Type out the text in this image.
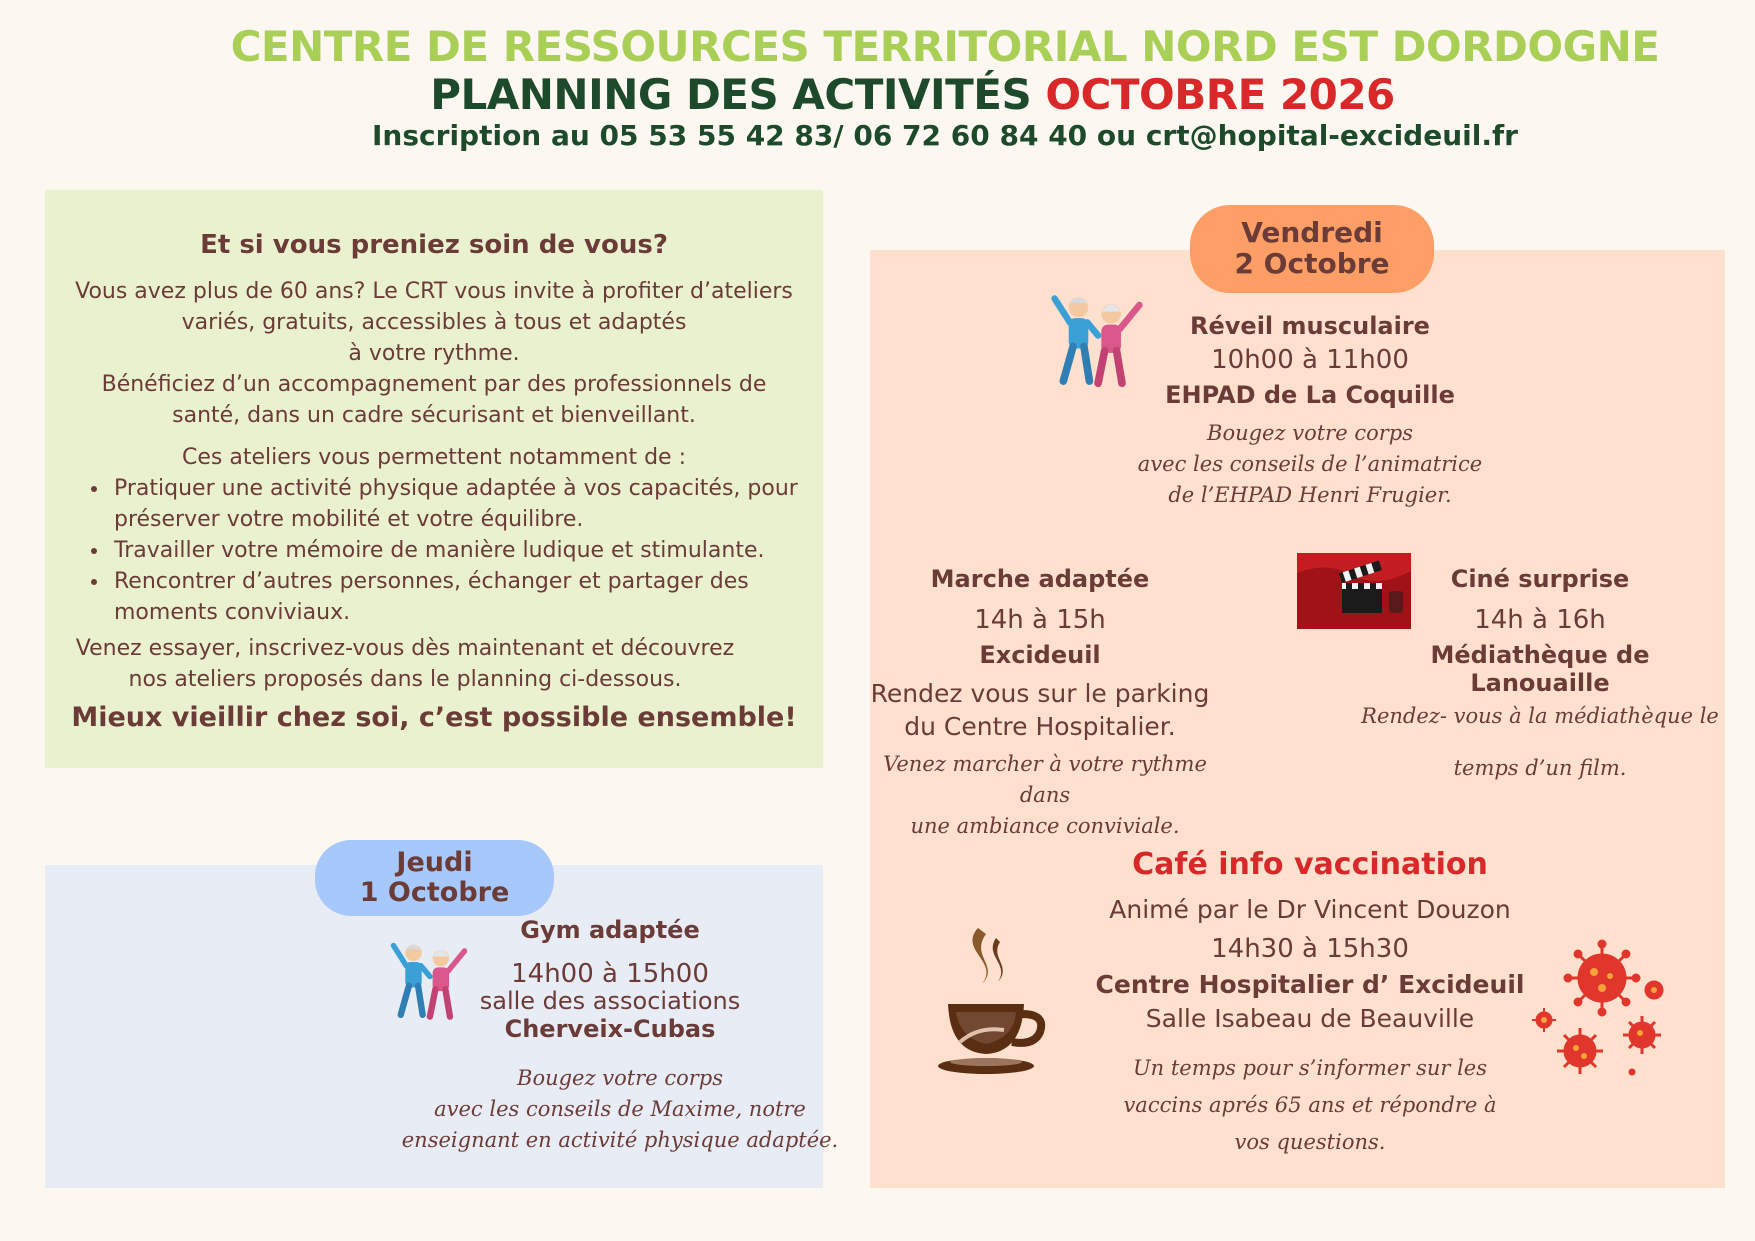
CENTRE DE RESSOURCES TERRITORIAL NORD EST DORDOGNE
PLANNING DES ACTIVITÉS OCTOBRE 2026
Inscription au 05 53 55 42 83/ 06 72 60 84 40 ou crt@hopital-excideuil.fr
Et si vous preniez soin de vous?
Vous avez plus de 60 ans? Le CRT vous invite à profiter d’ateliers
variés, gratuits, accessibles à tous et adaptés
à votre rythme.
Bénéficiez d’un accompagnement par des professionnels de
santé, dans un cadre sécurisant et bienveillant.
Ces ateliers vous permettent notamment de :
• Pratiquer une activité physique adaptée à vos capacités, pour préserver votre mobilité et votre équilibre.
• Travailler votre mémoire de manière ludique et stimulante.
• Rencontrer d’autres personnes, échanger et partager des moments conviviaux.
Venez essayer, inscrivez-vous dès maintenant et découvrez
nos ateliers proposés dans le planning ci-dessous.
Mieux vieillir chez soi, c’est possible ensemble!
Jeudi
1 Octobre
Gym adaptée
14h00 à 15h00
salle des associations
Cherveix-Cubas
Bougez votre corps
avec les conseils de Maxime, notre
enseignant en activité physique adaptée.
Vendredi
2 Octobre
Réveil musculaire
10h00 à 11h00
EHPAD de La Coquille
Bougez votre corps
avec les conseils de l’animatrice
de l’EHPAD Henri Frugier.
Marche adaptée
14h à 15h
Excideuil
Rendez vous sur le parking
du Centre Hospitalier.
Venez marcher à votre rythme dans
une ambiance conviviale.
Ciné surprise
14h à 16h
Médiathèque de Lanouaille
Rendez- vous à la médiathèque le
temps d’un film.
Café info vaccination
Animé par le Dr Vincent Douzon
14h30 à 15h30
Centre Hospitalier d’ Excideuil
Salle Isabeau de Beauville
Un temps pour s’informer sur les
vaccins aprés 65 ans et répondre à
vos questions.
